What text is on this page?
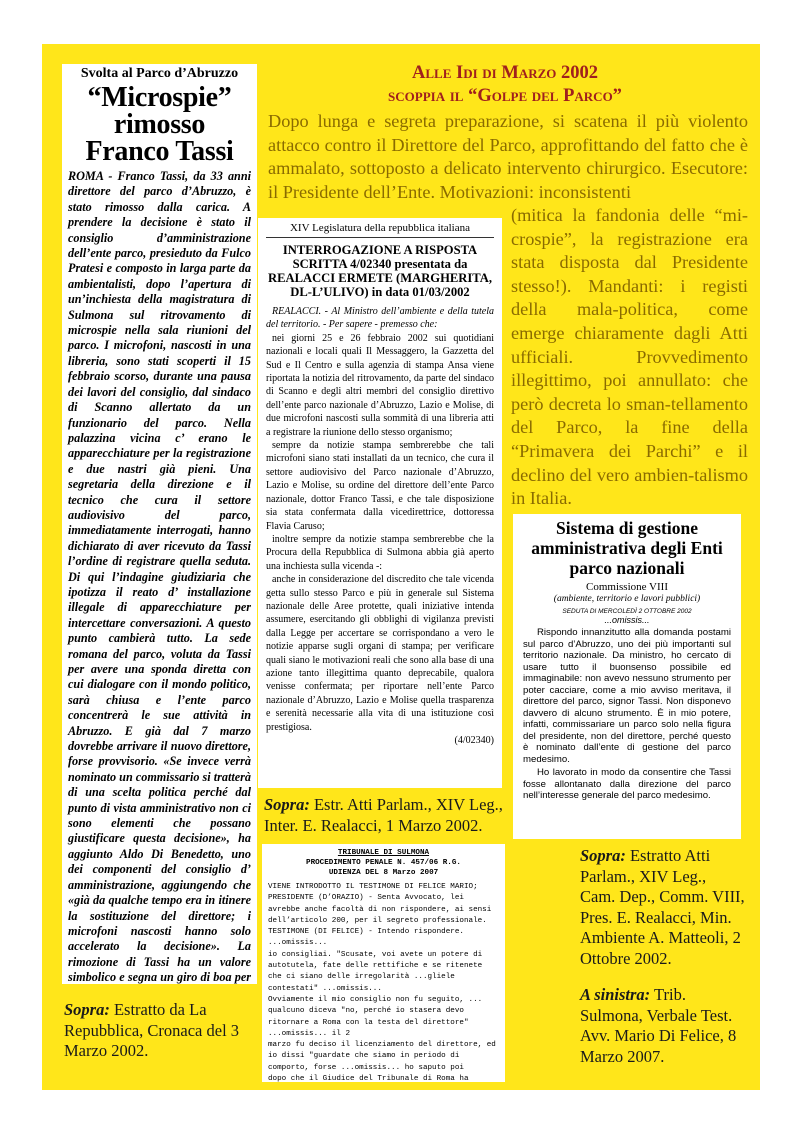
Svolta al Parco d’Abruzzo
“Microspie”
rimosso
Franco Tassi
ROMA - Franco Tassi, da 33 anni direttore del parco d’Abruzzo, è stato rimosso dalla carica. A prendere la decisione è stato il consiglio d’amministrazione dell’ente parco, presieduto da Fulco Pratesi e composto in larga parte da ambientalisti, dopo l’apertura di un’inchiesta della magistratura di Sulmona sul ritrovamento di microspie nella sala riunioni del parco. I microfoni, nascosti in una libreria, sono stati scoperti il 15 febbraio scorso, durante una pausa dei lavori del consiglio, dal sindaco di Scanno allertato da un funzionario del parco. Nella palazzina vicina c’ erano le apparecchiature per la registrazione e due nastri già pieni. Una segretaria della direzione e il tecnico che cura il settore audiovisivo del parco, immediatamente interrogati, hanno dichiarato di aver ricevuto da Tassi l’ordine di registrare quella seduta. Di qui l’indagine giudiziaria che ipotizza il reato d’ installazione illegale di apparecchiature per intercettare conversazioni. A questo punto cambierà tutto. La sede romana del parco, voluta da Tassi per avere una sponda diretta con cui dialogare con il mondo politico, sarà chiusa e l’ente parco concentrerà le sue attività in Abruzzo. E già dal 7 marzo dovrebbe arrivare il nuovo direttore, forse provvisorio. «Se invece verrà nominato un commissario si tratterà di una scelta politica perché dal punto di vista amministrativo non ci sono elementi che possano giustificare questa decisione», ha aggiunto Aldo Di Benedetto, uno dei componenti del consiglio d’ amministrazione, aggiungendo che «già da qualche tempo era in itinere la sostituzione del direttore; i microfoni nascosti hanno solo accelerato la decisione». La rimozione di Tassi ha un valore simbolico e segna un giro di boa per
Sopra: Estratto da La Repubblica, Cronaca del 3 Marzo 2002.
Alle Idi di Marzo 2002
scoppia il “Golpe del Parco”
Dopo lunga e segreta preparazione, si scatena il più violento attacco contro il Direttore del Parco, approfittando del fatto che è ammalato, sottoposto a delicato intervento chirurgico. Esecutore: il Presidente dell’Ente. Motivazioni: inconsistenti
(mitica la fandonia delle “mi-crospie”, la registrazione era stata disposta dal Presidente stesso!). Mandanti: i registi della mala-politica, come emerge chiaramente dagli Atti ufficiali. Provvedimento illegittimo, poi annullato: che però decreta lo sman-tellamento del Parco, la fine della “Primavera dei Parchi” e il declino del vero ambien-talismo in Italia.
XIV Legislatura della repubblica italiana
INTERROGAZIONE A RISPOSTA SCRITTA 4/02340 presentata da REALACCI ERMETE (MARGHERITA, DL-L’ULIVO) in data 01/03/2002

REALACCI. - Al Ministro dell’ambiente e della tutela del territorio. - Per sapere - premesso che:

nei giorni 25 e 26 febbraio 2002 sui quotidiani nazionali e locali quali Il Messaggero, la Gazzetta del Sud e Il Centro e sulla agenzia di stampa Ansa viene riportata la notizia del ritrovamento, da parte del sindaco di Scanno e degli altri membri del consiglio direttivo dell’ente parco nazionale d’Abruzzo, Lazio e Molise, di due microfoni nascosti sulla sommità di una libreria atti a registrare la riunione dello stesso organismo;

sempre da notizie stampa sembrerebbe che tali microfoni siano stati installati da un tecnico, che cura il settore audiovisivo del Parco nazionale d’Abruzzo, Lazio e Molise, su ordine del direttore dell’ente Parco nazionale, dottor Franco Tassi, e che tale disposizione sia stata confermata dalla vicedirettrice, dottoressa Flavia Caruso;

inoltre sempre da notizie stampa sembrerebbe che la Procura della Repubblica di Sulmona abbia già aperto una inchiesta sulla vicenda -:

anche in considerazione del discredito che tale vicenda getta sullo stesso Parco e più in generale sul Sistema nazionale delle Aree protette, quali iniziative intenda assumere, esercitando gli obblighi di vigilanza previsti dalla Legge per accertare se corrispondano a vero le notizie apparse sugli organi di stampa; per verificare quali siano le motivazioni reali che sono alla base di una azione tanto illegittima quanto deprecabile, qualora venisse confermata; per riportare nell’ente Parco nazionale d’Abruzzo, Lazio e Molise quella trasparenza e serenità necessarie alla vita di una istituzione così prestigiosa.

(4/02340)
Sopra: Estr. Atti Parlam., XIV Leg., Inter. E. Realacci, 1 Marzo 2002.
Sistema di gestione amministrativa degli Enti parco nazionali
Commissione VIII
(ambiente, territorio e lavori pubblici)
SEDUTA DI MERCOLEDÌ 2 OTTOBRE 2002
...omissis...

Rispondo innanzitutto alla domanda postami sul parco d’Abruzzo, uno dei più importanti sul territorio nazionale. Da ministro, ho cercato di usare tutto il buonsenso possibile ed immaginabile: non avevo nessuno strumento per poter cacciare, come a mio avviso meritava, il direttore del parco, signor Tassi. Non disponevo davvero di alcuno strumento. È in mio potere, infatti, commissariare un parco solo nella figura del presidente, non del direttore, perché questo è nominato dall’ente di gestione del parco medesimo.

Ho lavorato in modo da consentire che Tassi fosse allontanato dalla direzione del parco nell’interesse generale del parco medesimo.

Sopra: Estratto Atti Parlam., XIV Leg., Cam. Dep., Comm. VIII, Pres. E. Realacci, Min. Ambiente A. Matteoli, 2 Ottobre 2002.
TRIBUNALE DI SULMONA
PROCEDIMENTO PENALE N. 457/06 R.G.
UDIENZA DEL 8 Marzo 2007

VIENE INTRODOTTO IL TESTIMONE DI FELICE MARIO;

PRESIDENTE (D’ORAZIO) - Senta Avvocato, lei avrebbe anche facoltà di non rispondere, ai sensi dell’articolo 200, per il segreto professionale.

TESTIMONE (DI FELICE) - Intendo rispondere. ...omissis...

io consigliai. "Scusate, voi avete un potere di autotutela, fate delle rettifiche e se ritenete che ci siano delle irregolarità ...gliele contestati" ...omissis...

Ovviamente il mio consiglio non fu seguito, ... qualcuno diceva "no, perché io stasera devo ritornare a Roma con la testa del direttore" ...omissis... il 2

marzo fu deciso il licenziamento del direttore, ed io dissi "guardate che siamo in periodo di comporto, forse ...omissis... ho saputo poi

dopo che il Giudice del Tribunale di Roma ha

A sinistra: Trib. Sulmona, Verbale Test. Avv. Mario Di Felice, 8 Marzo 2007.
